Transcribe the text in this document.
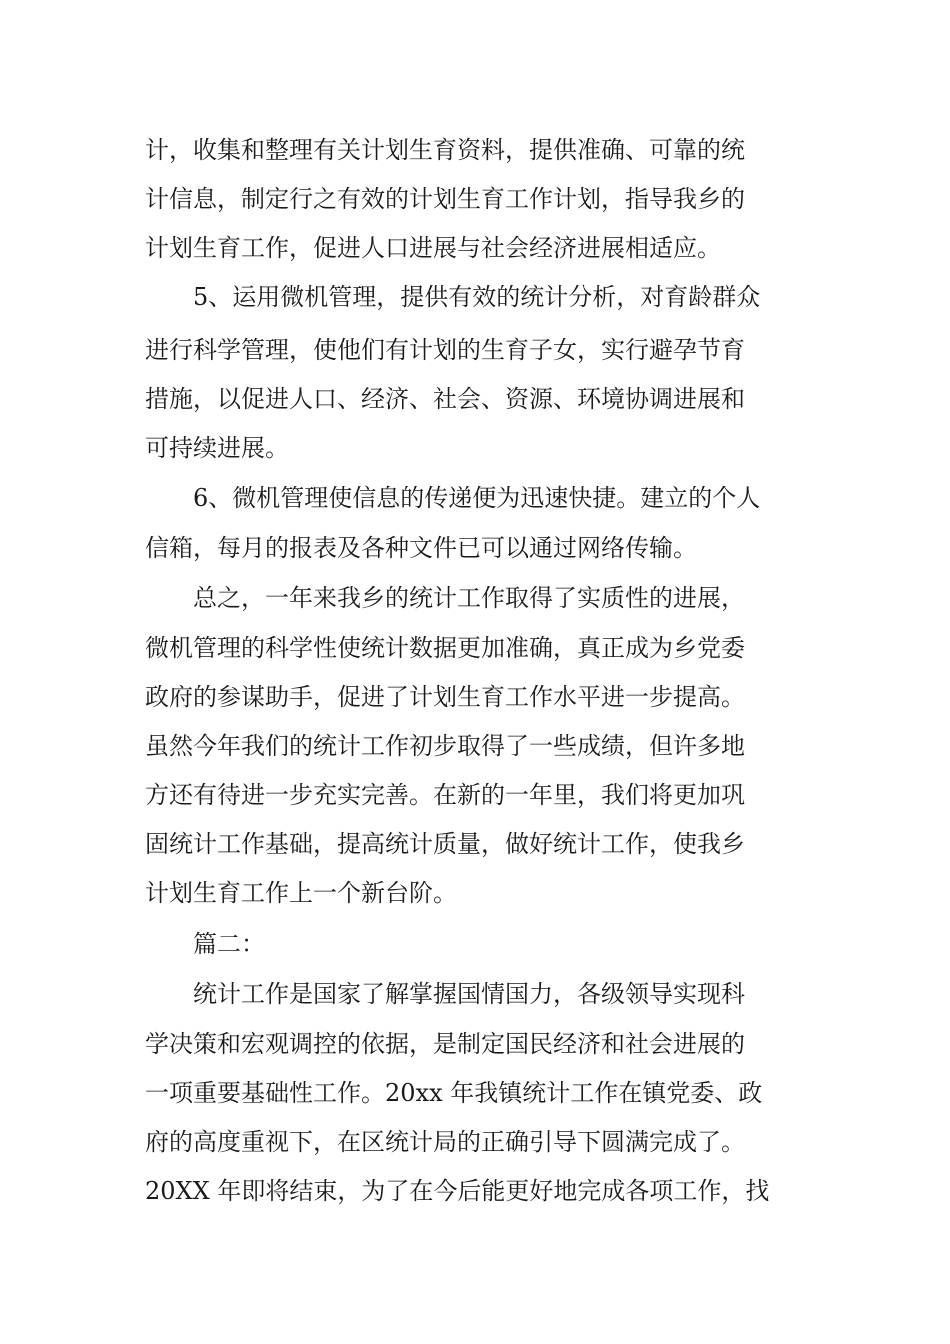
计，收集和整理有关计划生育资料，提供准确、可靠的统
计信息，制定行之有效的计划生育工作计划，指导我乡的
计划生育工作，促进人口进展与社会经济进展相适应。
5、运用微机管理，提供有效的统计分析，对育龄群众
进行科学管理，使他们有计划的生育子女，实行避孕节育
措施，以促进人口、经济、社会、资源、环境协调进展和
可持续进展。
6、微机管理使信息的传递便为迅速快捷。建立的个人
信箱，每月的报表及各种文件已可以通过网络传输。
总之，一年来我乡的统计工作取得了实质性的进展，
微机管理的科学性使统计数据更加准确，真正成为乡党委
政府的参谋助手，促进了计划生育工作水平进一步提高。
虽然今年我们的统计工作初步取得了一些成绩，但许多地
方还有待进一步充实完善。在新的一年里，我们将更加巩
固统计工作基础，提高统计质量，做好统计工作，使我乡
计划生育工作上一个新台阶。
篇二：
统计工作是国家了解掌握国情国力，各级领导实现科
学决策和宏观调控的依据，是制定国民经济和社会进展的
一项重要基础性工作。20xx 年我镇统计工作在镇党委、政
府的高度重视下，在区统计局的正确引导下圆满完成了。
20XX 年即将结束，为了在今后能更好地完成各项工作，找
